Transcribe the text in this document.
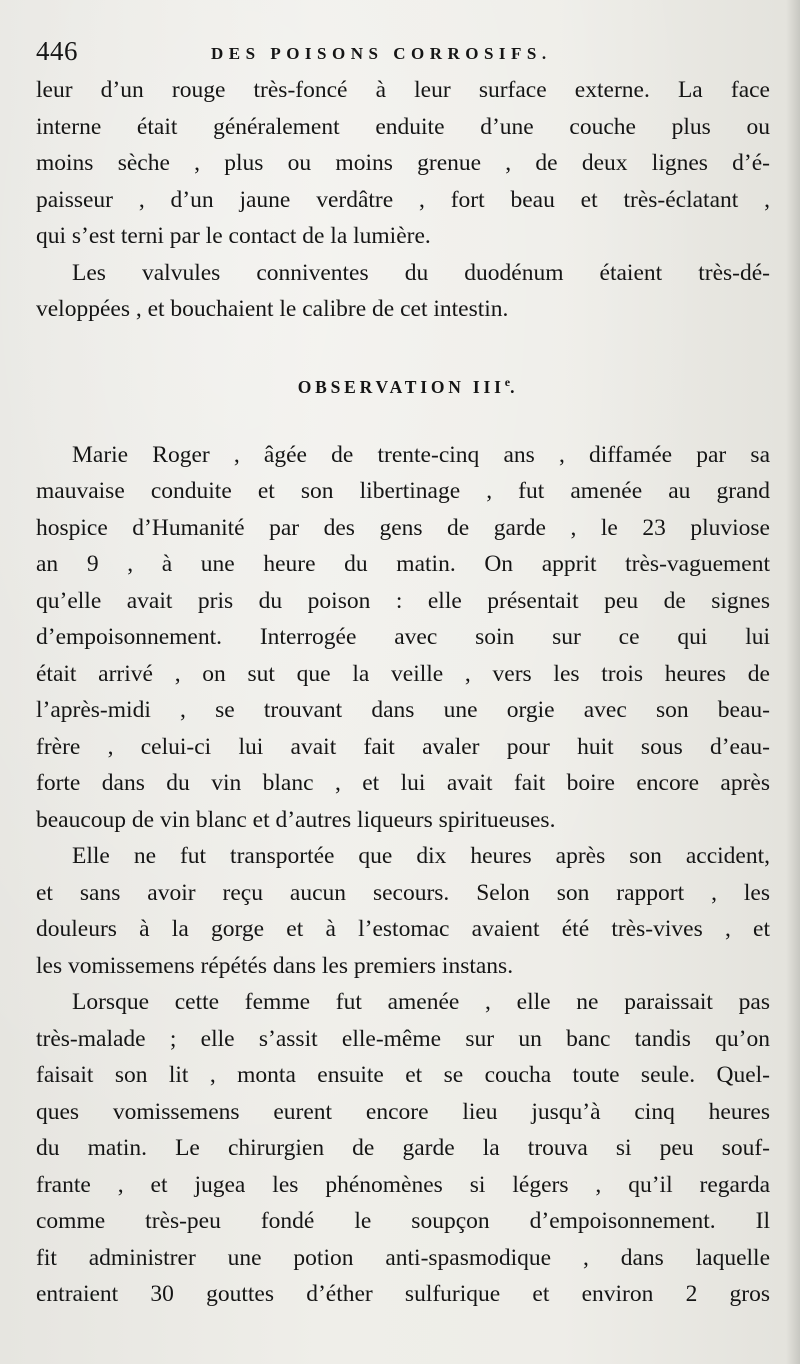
446	DES POISONS CORROSIFS.
leur d’un rouge très-foncé à leur surface externe. La face
interne était généralement enduite d’une couche plus ou
moins sèche , plus ou moins grenue , de deux lignes d’é-
paisseur , d’un jaune verdâtre , fort beau et très-éclatant ,
qui s’est terni par le contact de la lumière.
Les valvules conniventes du duodénum étaient très-dé-
veloppées , et bouchaient le calibre de cet intestin.
OBSERVATION IIIe.
Marie Roger , âgée de trente-cinq ans , diffamée par sa
mauvaise conduite et son libertinage , fut amenée au grand
hospice d’Humanité par des gens de garde , le 23 pluviose
an 9 , à une heure du matin. On apprit très-vaguement
qu’elle avait pris du poison : elle présentait peu de signes
d’empoisonnement. Interrogée avec soin sur ce qui lui
était arrivé , on sut que la veille , vers les trois heures de
l’après-midi , se trouvant dans une orgie avec son beau-
frère , celui-ci lui avait fait avaler pour huit sous d’eau-
forte dans du vin blanc , et lui avait fait boire encore après
beaucoup de vin blanc et d’autres liqueurs spiritueuses.
Elle ne fut transportée que dix heures après son accident,
et sans avoir reçu aucun secours. Selon son rapport , les
douleurs à la gorge et à l’estomac avaient été très-vives , et
les vomissemens répétés dans les premiers instans.
Lorsque cette femme fut amenée , elle ne paraissait pas
très-malade ; elle s’assit elle-même sur un banc tandis qu’on
faisait son lit , monta ensuite et se coucha toute seule. Quel-
ques vomissemens eurent encore lieu jusqu’à cinq heures
du matin. Le chirurgien de garde la trouva si peu souf-
frante , et jugea les phénomènes si légers , qu’il regarda
comme très-peu fondé le soupçon d’empoisonnement. Il
fit administrer une potion anti-spasmodique , dans laquelle
entraient 30 gouttes d’éther sulfurique et environ 2 gros
